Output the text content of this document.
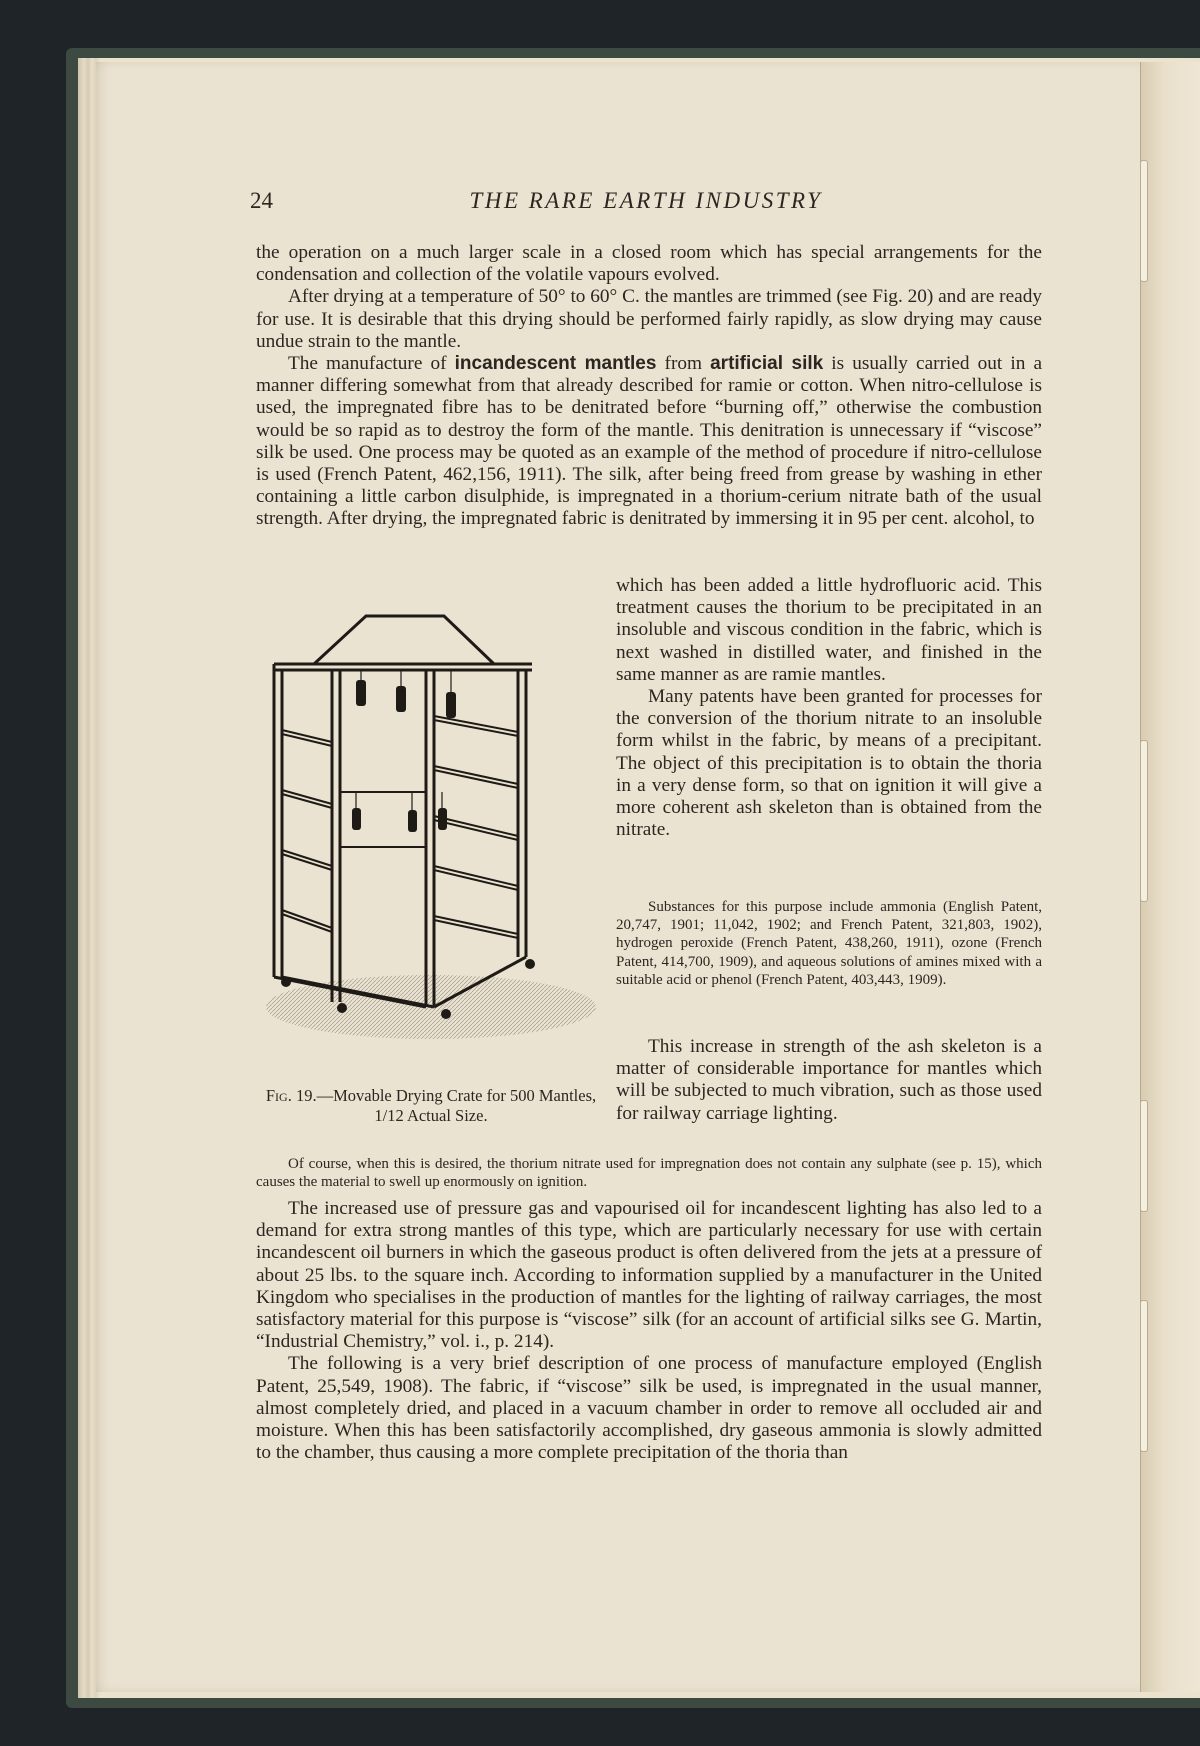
24	THE RARE EARTH INDUSTRY

the operation on a much larger scale in a closed room which has special arrangements for the condensation and collection of the volatile vapours evolved.

After drying at a temperature of 50° to 60° C. the mantles are trimmed (see Fig. 20) and are ready for use. It is desirable that this drying should be performed fairly rapidly, as slow drying may cause undue strain to the mantle.

The manufacture of incandescent mantles from artificial silk is usually carried out in a manner differing somewhat from that already described for ramie or cotton. When nitro-cellulose is used, the impregnated fibre has to be denitrated before “burning off,” otherwise the combustion would be so rapid as to destroy the form of the mantle. This denitration is unnecessary if “viscose” silk be used. One process may be quoted as an example of the method of procedure if nitro-cellulose is used (French Patent, 462,156, 1911). The silk, after being freed from grease by washing in ether containing a little carbon disulphide, is impregnated in a thorium-cerium nitrate bath of the usual strength. After drying, the impregnated fabric is denitrated by immersing it in 95 per cent. alcohol, to

which has been added a little hydrofluoric acid. This treatment causes the thorium to be precipitated in an insoluble and viscous condition in the fabric, which is next washed in distilled water, and finished in the same manner as are ramie mantles.

Many patents have been granted for processes for the conversion of the thorium nitrate to an insoluble form whilst in the fabric, by means of a precipitant. The object of this precipitation is to obtain the thoria in a very dense form, so that on ignition it will give a more coherent ash skeleton than is obtained from the nitrate.

Substances for this purpose include ammonia (English Patent, 20,747, 1901; 11,042, 1902; and French Patent, 321,803, 1902), hydrogen peroxide (French Patent, 438,260, 1911), ozone (French Patent, 414,700, 1909), and aqueous solutions of amines mixed with a suitable acid or phenol (French Patent, 403,443, 1909).

This increase in strength of the ash skeleton is a matter of considerable importance for mantles which will be subjected to much vibration, such as those used for railway carriage lighting.

Fig. 19.—Movable Drying Crate for 500 Mantles, 1/12 Actual Size.

Of course, when this is desired, the thorium nitrate used for impregnation does not contain any sulphate (see p. 15), which causes the material to swell up enormously on ignition.

The increased use of pressure gas and vapourised oil for incandescent lighting has also led to a demand for extra strong mantles of this type, which are particularly necessary for use with certain incandescent oil burners in which the gaseous product is often delivered from the jets at a pressure of about 25 lbs. to the square inch. According to information supplied by a manufacturer in the United Kingdom who specialises in the production of mantles for the lighting of railway carriages, the most satisfactory material for this purpose is “viscose” silk (for an account of artificial silks see G. Martin, “Industrial Chemistry,” vol. i., p. 214).

The following is a very brief description of one process of manufacture employed (English Patent, 25,549, 1908). The fabric, if “viscose” silk be used, is impregnated in the usual manner, almost completely dried, and placed in a vacuum chamber in order to remove all occluded air and moisture. When this has been satisfactorily accomplished, dry gaseous ammonia is slowly admitted to the chamber, thus causing a more complete precipitation of the thoria than
